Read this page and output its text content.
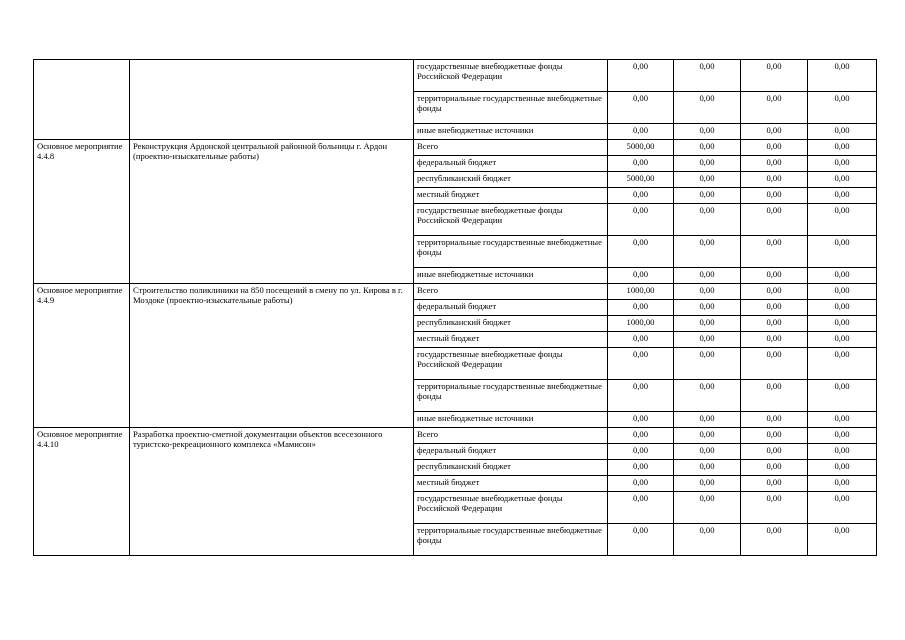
		государственные внебюджетные фонды Российской Федерации	0,00	0,00	0,00	0,00
		территориальные государственные внебюджетные фонды	0,00	0,00	0,00	0,00
		иные внебюджетные источники	0,00	0,00	0,00	0,00
Основное мероприятие 4.4.8	Реконструкция Ардонской центральной районной больницы г. Ардон (проектно-изыскательные работы)	Всего	5000,00	0,00	0,00	0,00
		федеральный бюджет	0,00	0,00	0,00	0,00
		республиканский бюджет	5000,00	0,00	0,00	0,00
		местный бюджет	0,00	0,00	0,00	0,00
		государственные внебюджетные фонды Российской Федерации	0,00	0,00	0,00	0,00
		территориальные государственные внебюджетные фонды	0,00	0,00	0,00	0,00
		иные внебюджетные источники	0,00	0,00	0,00	0,00
Основное мероприятие 4.4.9	Строительство поликлиники на 850 посещений в смену по ул. Кирова в г. Моздоке (проектно-изыскательные работы)	Всего	1000,00	0,00	0,00	0,00
		федеральный бюджет	0,00	0,00	0,00	0,00
		республиканский бюджет	1000,00	0,00	0,00	0,00
		местный бюджет	0,00	0,00	0,00	0,00
		государственные внебюджетные фонды Российской Федерации	0,00	0,00	0,00	0,00
		территориальные государственные внебюджетные фонды	0,00	0,00	0,00	0,00
		иные внебюджетные источники	0,00	0,00	0,00	0,00
Основное мероприятие 4.4.10	Разработка проектно-сметной документации объектов всесезонного туристско-рекреационного комплекса «Мамисон»	Всего	0,00	0,00	0,00	0,00
		федеральный бюджет	0,00	0,00	0,00	0,00
		республиканский бюджет	0,00	0,00	0,00	0,00
		местный бюджет	0,00	0,00	0,00	0,00
		государственные внебюджетные фонды Российской Федерации	0,00	0,00	0,00	0,00
		территориальные государственные внебюджетные фонды	0,00	0,00	0,00	0,00
